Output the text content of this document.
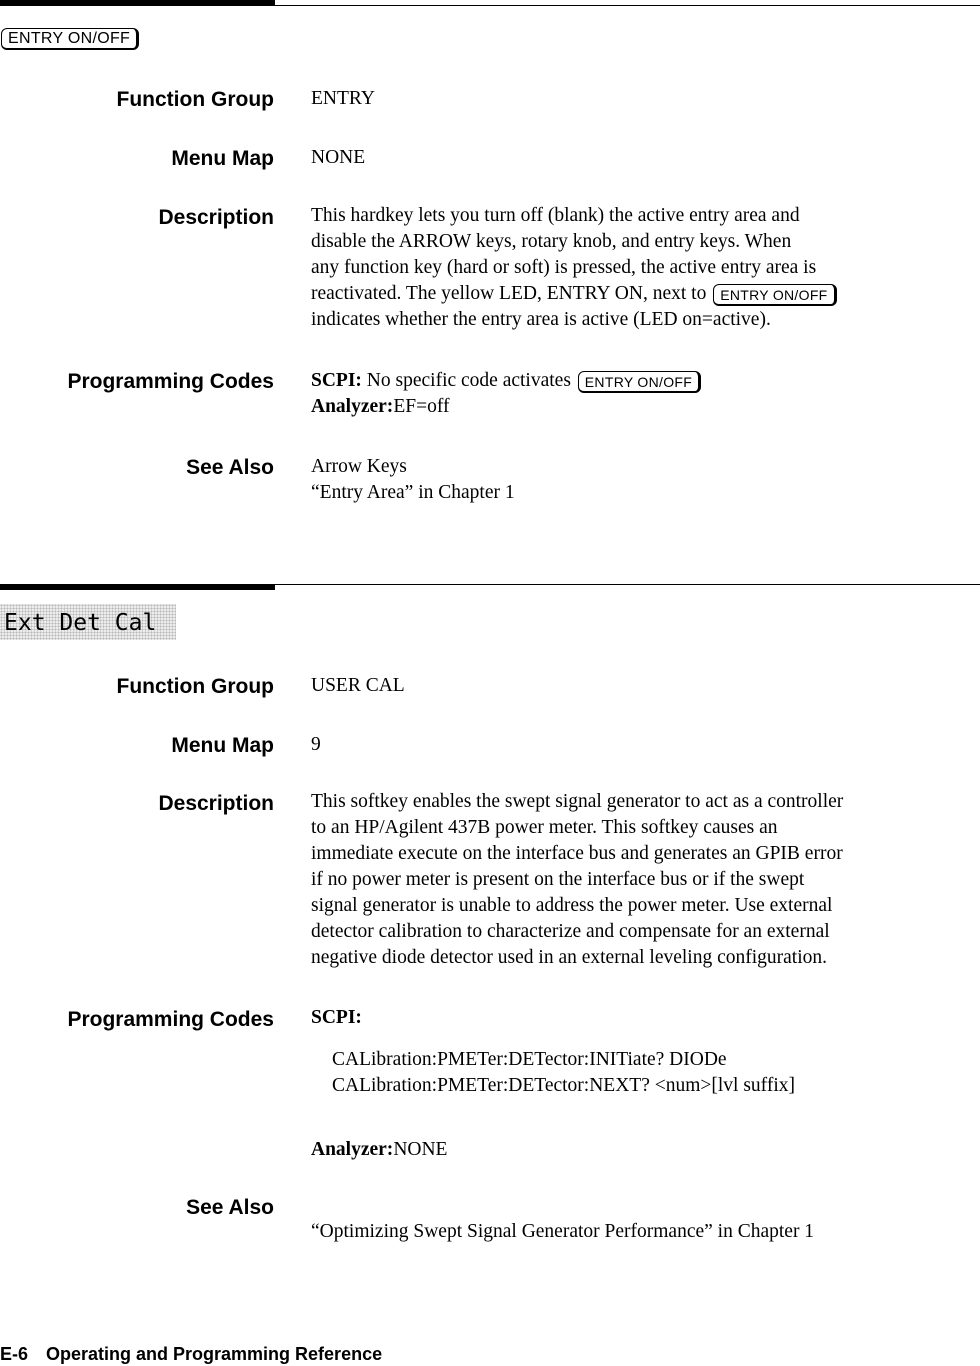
ENTRY ON/OFF
Function Group ENTRY
Menu Map NONE
Description This hardkey lets you turn off (blank) the active entry area and
disable the ARROW keys, rotary knob, and entry keys. When
any function key (hard or soft) is pressed, the active entry area is
reactivated. The yellow LED, ENTRY ON, next to ENTRY ON/OFF
indicates whether the entry area is active (LED on=active).
Programming Codes SCPI: No specific code activates ENTRY ON/OFF
Analyzer:EF=off
See Also Arrow Keys
“Entry Area” in Chapter 1
Ext Det Cal
Function Group USER CAL
Menu Map 9
Description This softkey enables the swept signal generator to act as a controller
to an HP/Agilent 437B power meter. This softkey causes an
immediate execute on the interface bus and generates an GPIB error
if no power meter is present on the interface bus or if the swept
signal generator is unable to address the power meter. Use external
detector calibration to characterize and compensate for an external
negative diode detector used in an external leveling configuration.
Programming Codes SCPI:
CALibration:PMETer:DETector:INITiate? DIODe
CALibration:PMETer:DETector:NEXT? <num>[lvl suffix]
Analyzer:NONE
See Also
“Optimizing Swept Signal Generator Performance” in Chapter 1
E-6 Operating and Programming Reference
